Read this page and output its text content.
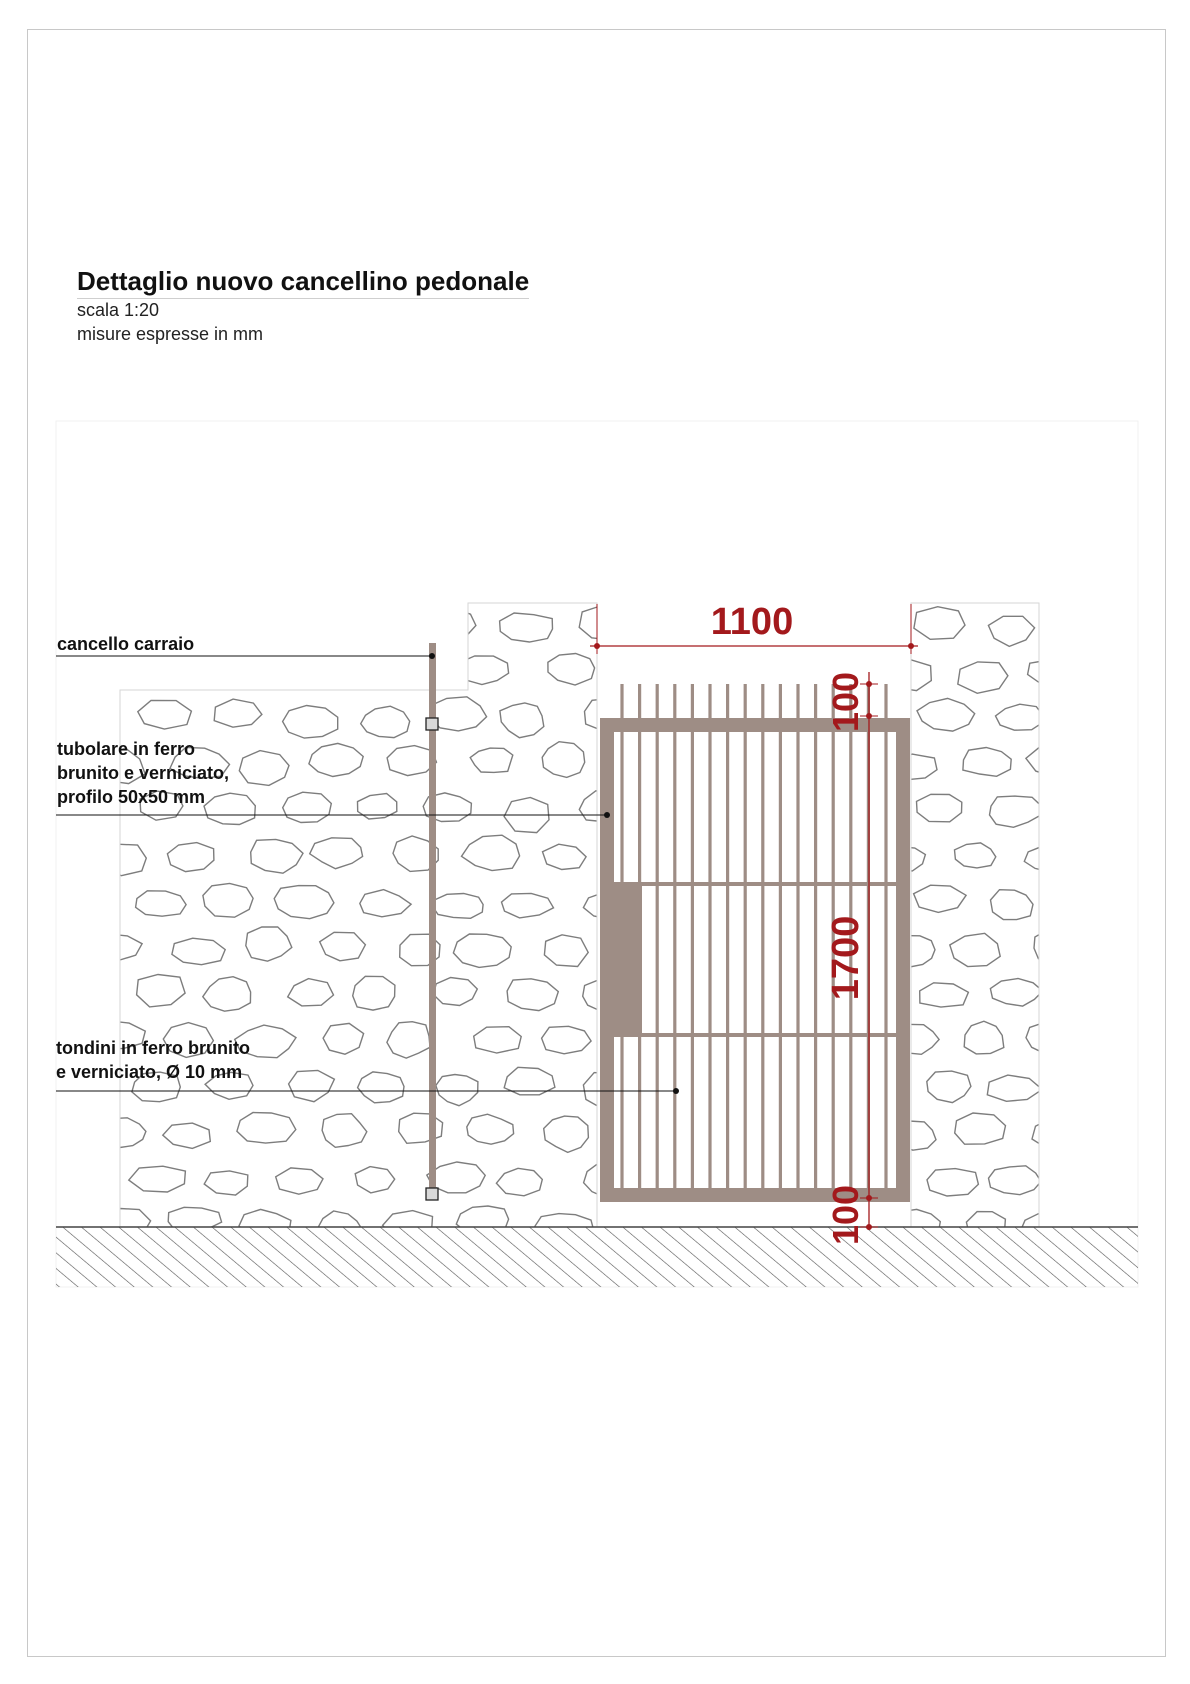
Dettaglio nuovo cancellino pedonale
scala 1:20
misure espresse in mm
1100
100
1700
100
cancello carraio
tubolare in ferro
brunito e verniciato,
profilo 50x50 mm
tondini in ferro brunito
e verniciato, Ø 10 mm
